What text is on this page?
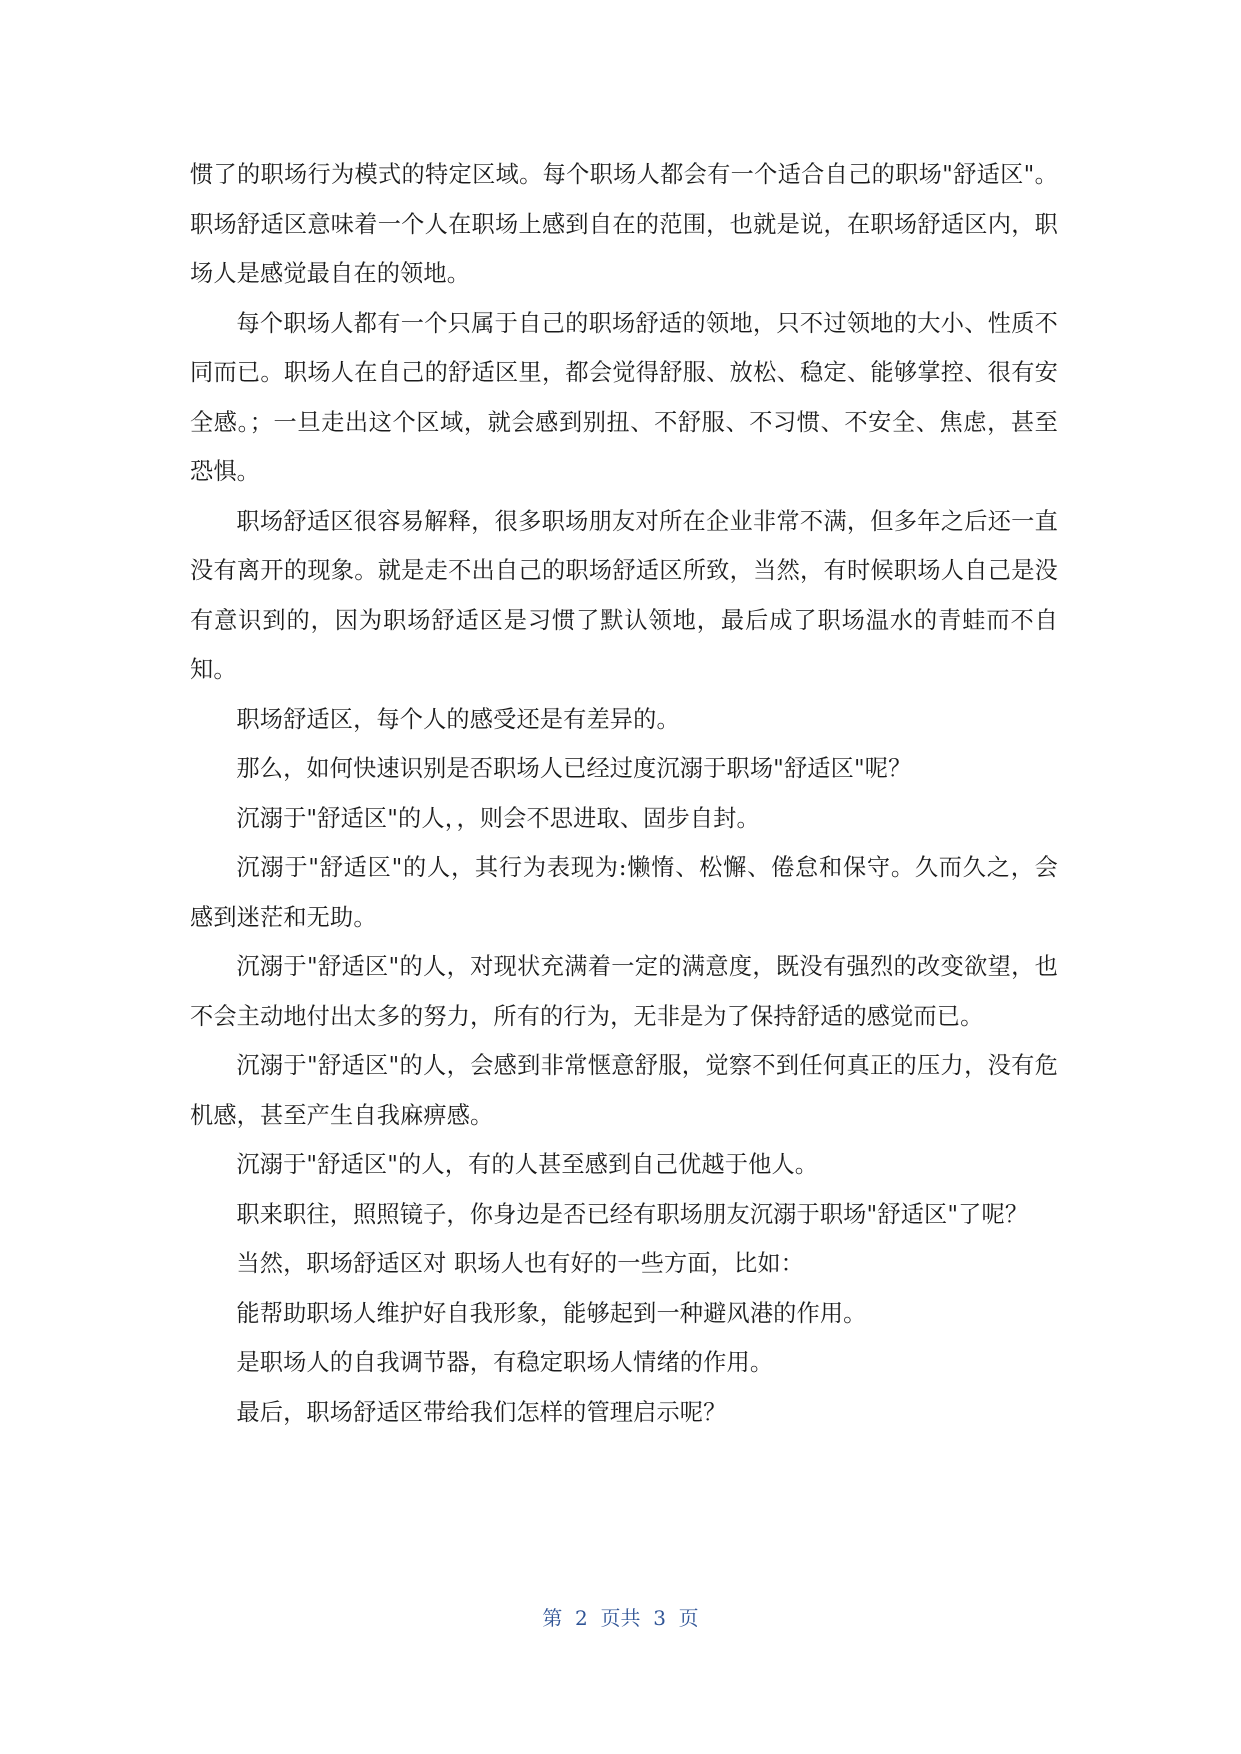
惯了的职场行为模式的特定区域。每个职场人都会有一个适合自己的职场"舒适区"。职场舒适区意味着一个人在职场上感到自在的范围，也就是说，在职场舒适区内，职场人是感觉最自在的领地。

每个职场人都有一个只属于自己的职场舒适的领地，只不过领地的大小、性质不同而已。职场人在自己的舒适区里，都会觉得舒服、放松、稳定、能够掌控、很有安全感。；一旦走出这个区域，就会感到别扭、不舒服、不习惯、不安全、焦虑，甚至恐惧。

职场舒适区很容易解释，很多职场朋友对所在企业非常不满，但多年之后还一直没有离开的现象。就是走不出自己的职场舒适区所致，当然，有时候职场人自己是没有意识到的，因为职场舒适区是习惯了默认领地，最后成了职场温水的青蛙而不自知。

职场舒适区，每个人的感受还是有差异的。

那么，如何快速识别是否职场人已经过度沉溺于职场"舒适区"呢？

沉溺于"舒适区"的人，，则会不思进取、固步自封。

沉溺于"舒适区"的人，其行为表现为:懒惰、松懈、倦怠和保守。久而久之，会感到迷茫和无助。

沉溺于"舒适区"的人，对现状充满着一定的满意度，既没有强烈的改变欲望，也不会主动地付出太多的努力，所有的行为，无非是为了保持舒适的感觉而已。

沉溺于"舒适区"的人，会感到非常惬意舒服，觉察不到任何真正的压力，没有危机感，甚至产生自我麻痹感。

沉溺于"舒适区"的人，有的人甚至感到自己优越于他人。

职来职往，照照镜子，你身边是否已经有职场朋友沉溺于职场"舒适区"了呢？

当然，职场舒适区对 职场人也有好的一些方面，比如：

能帮助职场人维护好自我形象，能够起到一种避风港的作用。

是职场人的自我调节器，有稳定职场人情绪的作用。

最后，职场舒适区带给我们怎样的管理启示呢？

第  2  页共  3  页
